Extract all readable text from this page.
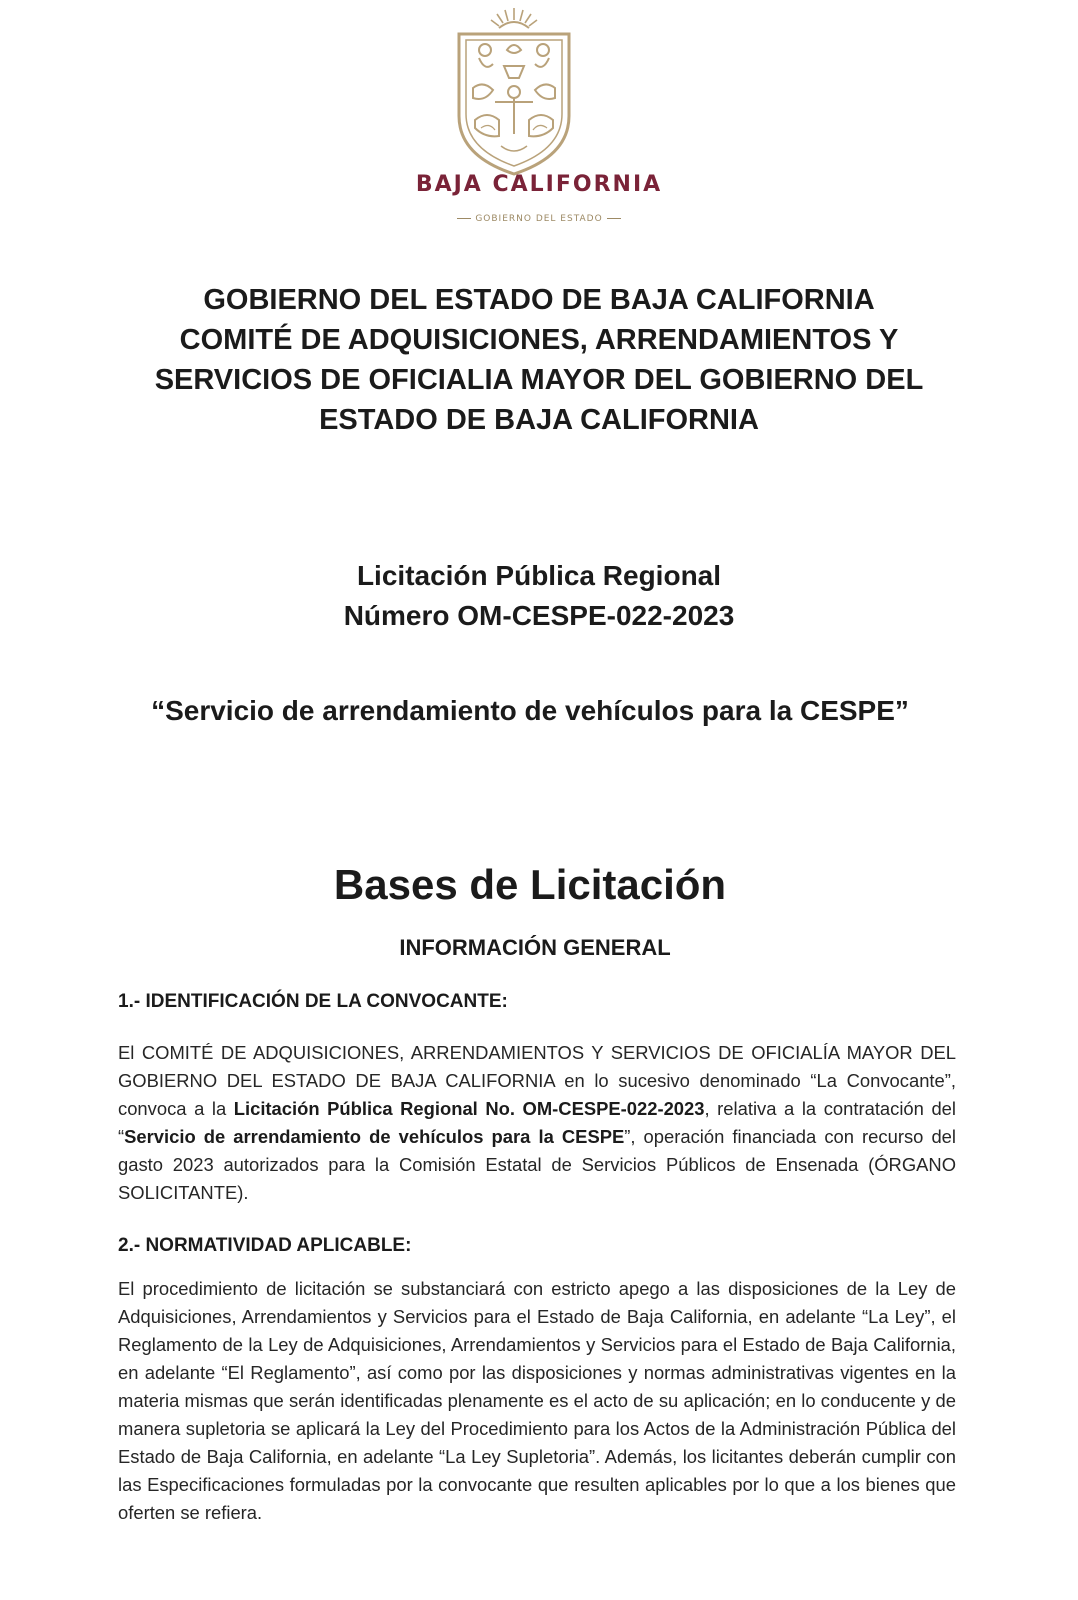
BAJA CALIFORNIA
GOBIERNO DEL ESTADO
GOBIERNO DEL ESTADO DE BAJA CALIFORNIA
COMITÉ DE ADQUISICIONES, ARRENDAMIENTOS Y
SERVICIOS DE OFICIALIA MAYOR DEL GOBIERNO DEL
ESTADO DE BAJA CALIFORNIA
Licitación Pública Regional
Número OM-CESPE-022-2023
“Servicio de arrendamiento de vehículos para la CESPE”
Bases de Licitación
INFORMACIÓN GENERAL
1.- IDENTIFICACIÓN DE LA CONVOCANTE:
El COMITÉ DE ADQUISICIONES, ARRENDAMIENTOS Y SERVICIOS DE OFICIALÍA MAYOR DEL GOBIERNO DEL ESTADO DE BAJA CALIFORNIA en lo sucesivo denominado “La Convocante”, convoca a la Licitación Pública Regional No. OM-CESPE-022-2023, relativa a la contratación del “Servicio de arrendamiento de vehículos para la CESPE”, operación financiada con recurso del gasto 2023 autorizados para la Comisión Estatal de Servicios Públicos de Ensenada (ÓRGANO SOLICITANTE).
2.- NORMATIVIDAD APLICABLE:
El procedimiento de licitación se substanciará con estricto apego a las disposiciones de la Ley de Adquisiciones, Arrendamientos y Servicios para el Estado de Baja California, en adelante “La Ley”, el Reglamento de la Ley de Adquisiciones, Arrendamientos y Servicios para el Estado de Baja California, en adelante “El Reglamento”, así como por las disposiciones y normas administrativas vigentes en la materia mismas que serán identificadas plenamente es el acto de su aplicación; en lo conducente y de manera supletoria se aplicará la Ley del Procedimiento para los Actos de la Administración Pública del Estado de Baja California, en adelante “La Ley Supletoria”. Además, los licitantes deberán cumplir con las Especificaciones formuladas por la convocante que resulten aplicables por lo que a los bienes que oferten se refiera.
